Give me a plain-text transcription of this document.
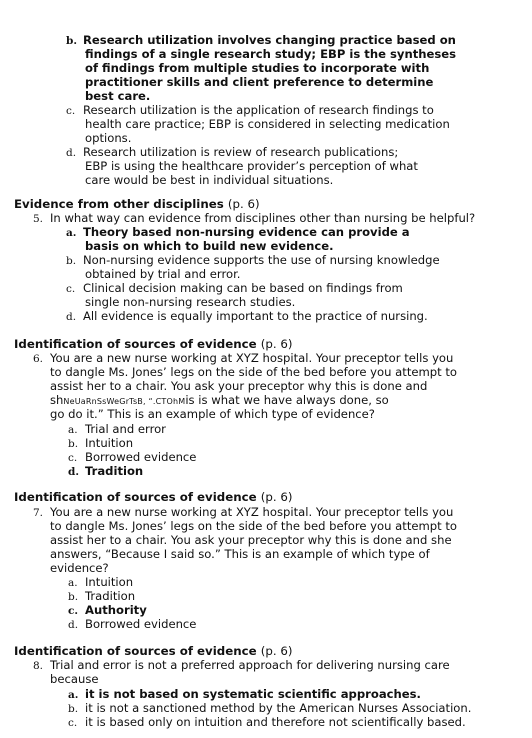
b. Research utilization involves changing practice based on
findings of a single research study; EBP is the syntheses
of findings from multiple studies to incorporate with
practitioner skills and client preference to determine
best care.
c. Research utilization is the application of research findings to
health care practice; EBP is considered in selecting medication
options.
d. Research utilization is review of research publications;
EBP is using the healthcare provider’s perception of what
care would be best in individual situations.
Evidence from other disciplines (p. 6)
5. In what way can evidence from disciplines other than nursing be helpful?
a. Theory based non-nursing evidence can provide a
basis on which to build new evidence.
b. Non-nursing evidence supports the use of nursing knowledge
obtained by trial and error.
c. Clinical decision making can be based on findings from
single non-nursing research studies.
d. All evidence is equally important to the practice of nursing.
Identification of sources of evidence (p. 6)
6. You are a new nurse working at XYZ hospital. Your preceptor tells you
to dangle Ms. Jones’ legs on the side of the bed before you attempt to
assist her to a chair. You ask your preceptor why this is done and
shNeUaRnSsWeGrTsB, “.CTOhMis is what we have always done, so
go do it.” This is an example of which type of evidence?
a. Trial and error
b. Intuition
c. Borrowed evidence
d. Tradition
Identification of sources of evidence (p. 6)
7. You are a new nurse working at XYZ hospital. Your preceptor tells you
to dangle Ms. Jones’ legs on the side of the bed before you attempt to
assist her to a chair. You ask your preceptor why this is done and she
answers, “Because I said so.” This is an example of which type of
evidence?
a. Intuition
b. Tradition
c. Authority
d. Borrowed evidence
Identification of sources of evidence (p. 6)
8. Trial and error is not a preferred approach for delivering nursing care
because
a. it is not based on systematic scientific approaches.
b. it is not a sanctioned method by the American Nurses Association.
c. it is based only on intuition and therefore not scientifically based.
